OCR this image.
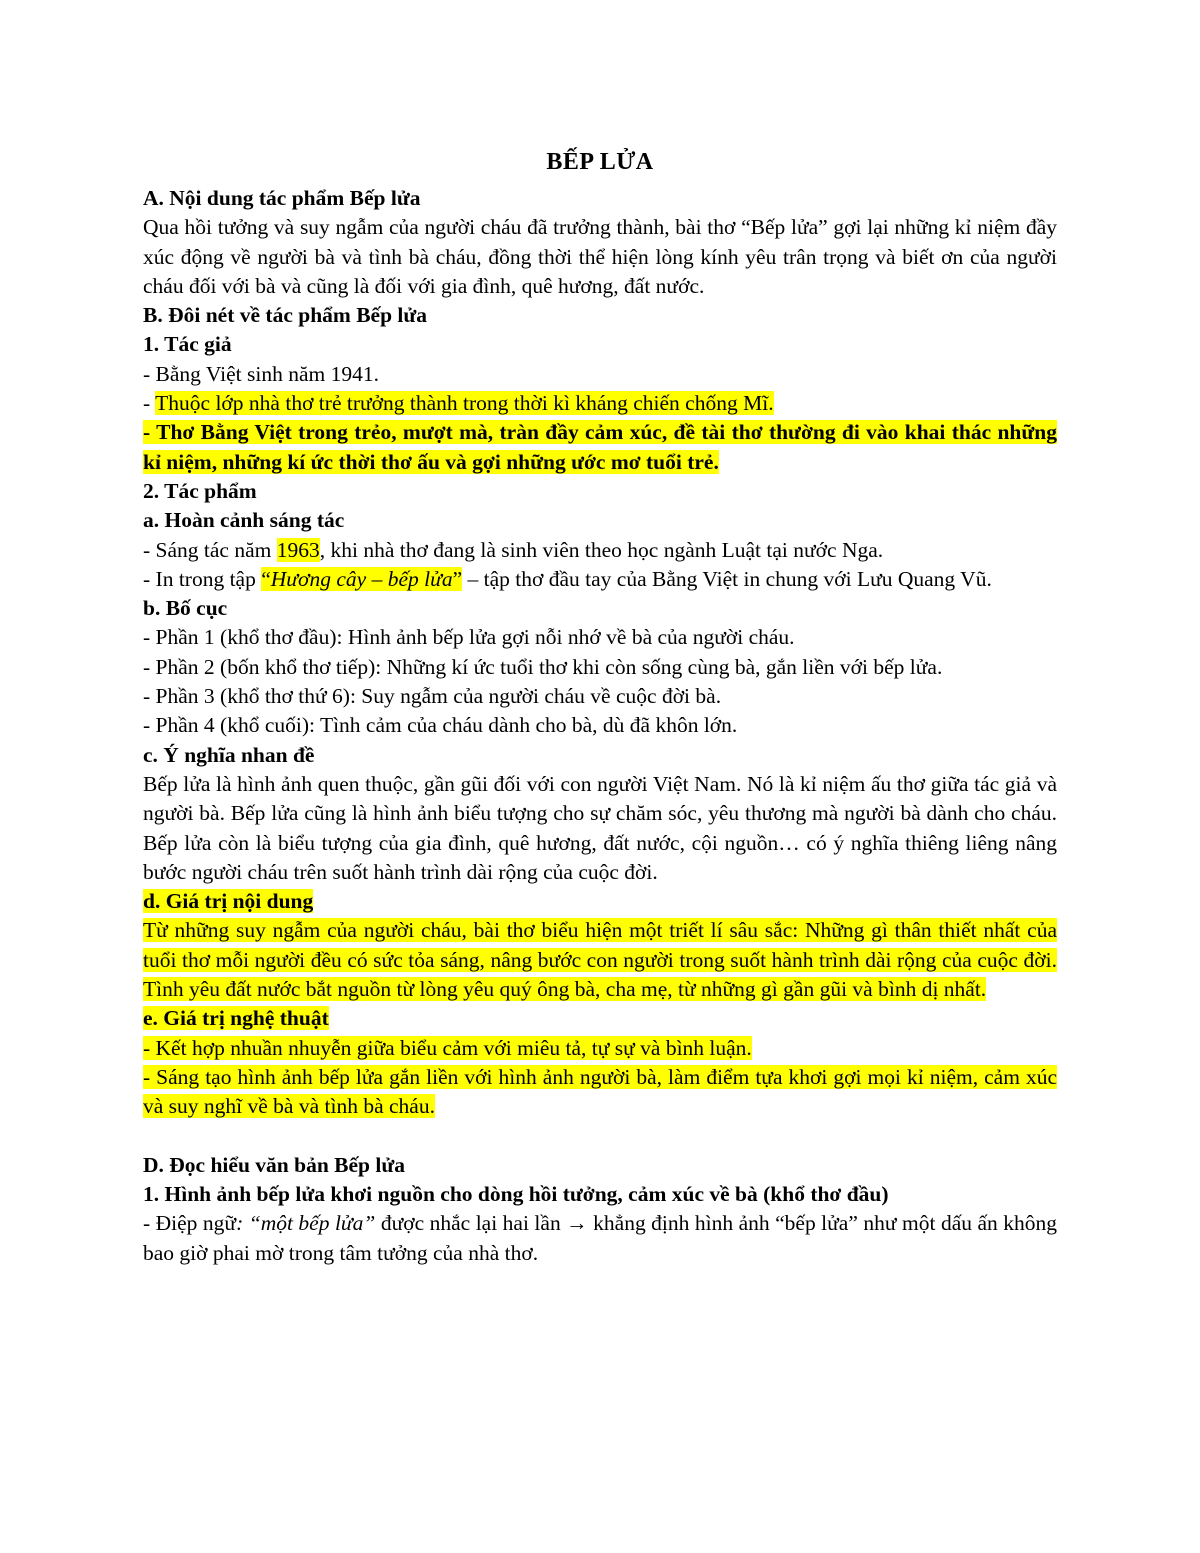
BẾP LỬA

A. Nội dung tác phẩm Bếp lửa

Qua hồi tưởng và suy ngẫm của người cháu đã trưởng thành, bài thơ “Bếp lửa” gợi lại những kỉ niệm đầy xúc động về người bà và tình bà cháu, đồng thời thể hiện lòng kính yêu trân trọng và biết ơn của người cháu đối với bà và cũng là đối với gia đình, quê hương, đất nước.

B. Đôi nét về tác phẩm Bếp lửa

1. Tác giả

- Bằng Việt sinh năm 1941.

- Thuộc lớp nhà thơ trẻ trưởng thành trong thời kì kháng chiến chống Mĩ.

- Thơ Bằng Việt trong trẻo, mượt mà, tràn đầy cảm xúc, đề tài thơ thường đi vào khai thác những kỉ niệm, những kí ức thời thơ ấu và gợi những ước mơ tuổi trẻ.

2. Tác phẩm

a. Hoàn cảnh sáng tác

- Sáng tác năm 1963, khi nhà thơ đang là sinh viên theo học ngành Luật tại nước Nga.

- In trong tập “Hương cây – bếp lửa” – tập thơ đầu tay của Bằng Việt in chung với Lưu Quang Vũ.

b. Bố cục

- Phần 1 (khổ thơ đầu): Hình ảnh bếp lửa gợi nỗi nhớ về bà của người cháu.

- Phần 2 (bốn khổ thơ tiếp): Những kí ức tuổi thơ khi còn sống cùng bà, gắn liền với bếp lửa.

- Phần 3 (khổ thơ thứ 6): Suy ngẫm của người cháu về cuộc đời bà.

- Phần 4 (khổ cuối): Tình cảm của cháu dành cho bà, dù đã khôn lớn.

c. Ý nghĩa nhan đề

Bếp lửa là hình ảnh quen thuộc, gần gũi đối với con người Việt Nam. Nó là kỉ niệm ấu thơ giữa tác giả và người bà. Bếp lửa cũng là hình ảnh biểu tượng cho sự chăm sóc, yêu thương mà người bà dành cho cháu. Bếp lửa còn là biểu tượng của gia đình, quê hương, đất nước, cội nguồn… có ý nghĩa thiêng liêng nâng bước người cháu trên suốt hành trình dài rộng của cuộc đời.

d. Giá trị nội dung

Từ những suy ngẫm của người cháu, bài thơ biểu hiện một triết lí sâu sắc: Những gì thân thiết nhất của tuổi thơ mỗi người đều có sức tỏa sáng, nâng bước con người trong suốt hành trình dài rộng của cuộc đời. Tình yêu đất nước bắt nguồn từ lòng yêu quý ông bà, cha mẹ, từ những gì gần gũi và bình dị nhất.

e. Giá trị nghệ thuật

- Kết hợp nhuần nhuyễn giữa biểu cảm với miêu tả, tự sự và bình luận.

- Sáng tạo hình ảnh bếp lửa gắn liền với hình ảnh người bà, làm điểm tựa khơi gợi mọi kỉ niệm, cảm xúc và suy nghĩ về bà và tình bà cháu.

D. Đọc hiểu văn bản Bếp lửa

1. Hình ảnh bếp lửa khơi nguồn cho dòng hồi tưởng, cảm xúc về bà (khổ thơ đầu)

- Điệp ngữ: “một bếp lửa” được nhắc lại hai lần → khẳng định hình ảnh “bếp lửa” như một dấu ấn không bao giờ phai mờ trong tâm tưởng của nhà thơ.
